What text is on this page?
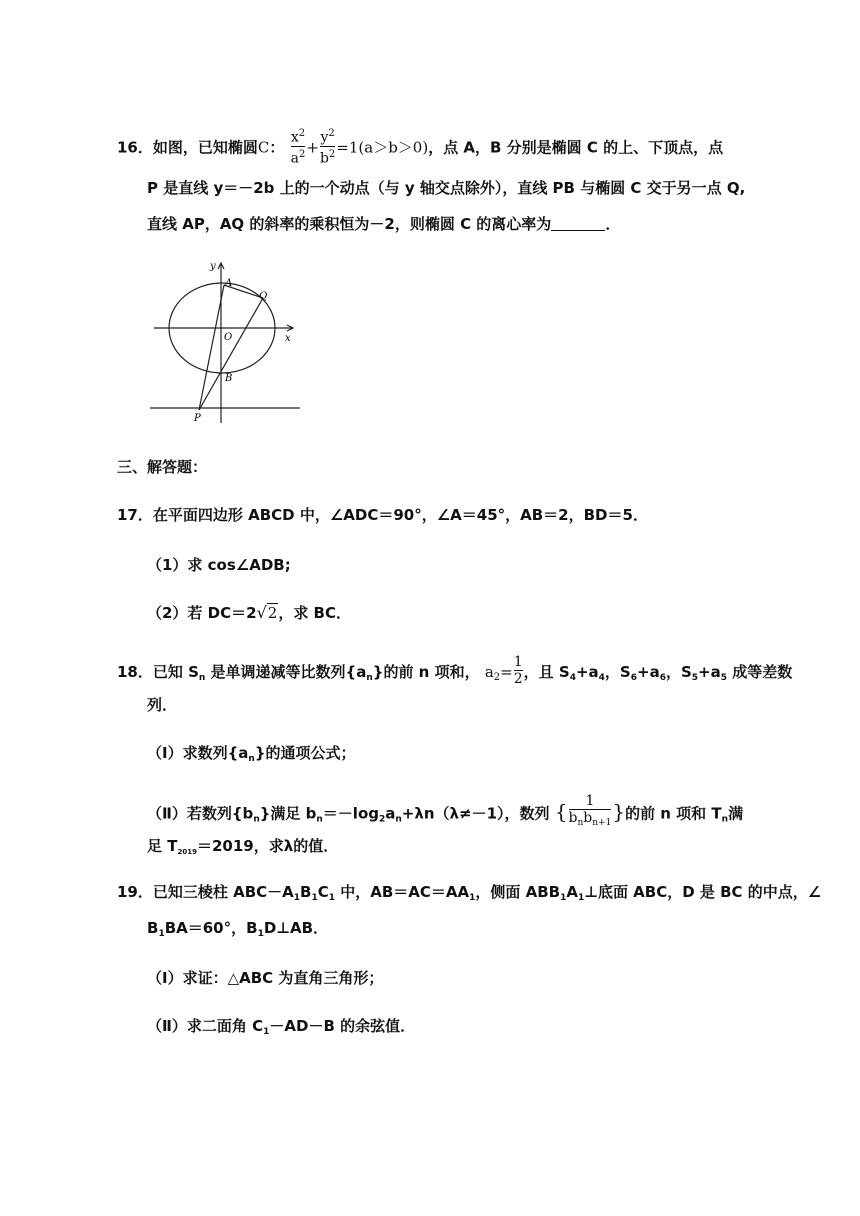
16．如图，已知椭圆C： $\frac{x^2}{a^2} + \frac{y^2}{b^2} =1(a>b>0)$，点 A，B 分别是椭圆 C 的上、下顶点，点
P 是直线 y＝－2b 上的一个动点（与 y 轴交点除外），直线 PB 与椭圆 C 交于另一点 Q,
直线 AP，AQ 的斜率的乘积恒为－2，则椭圆 C 的离心率为	．
y
A
Q
O	x
B
P
三、解答题：
17．在平面四边形 ABCD 中，∠ADC＝90°，∠A＝45°，AB＝2，BD＝5．
（1）求 cos∠ADB;
（2）若 DC＝2√2，求 BC．
18．已知 $S_n$ 是单调递减等比数列$\{a_n\}$的前 n 项和， $a_2= \frac{1}{2}$ ，且 $S_4+a_4$，$S_6+a_6$，$S_5+a_5$ 成等差数
列．
（Ⅰ）求数列$\{a_n\}$的通项公式；
（Ⅱ）若数列$\{b_n\}$满足 $b_n=-\log_2a_n+\lambda n(\lambda\ne-1)$，数列 { $\frac{1}{b_nb_{n+1}}$ }的前 n 项和 $T_n$满
足 $T_{2019}=2019$，求λ的值．
19．已知三棱柱 $ABC-A_1B_1C_1$ 中，$AB=AC=AA_1$，侧面 $ABB_1A_1\perp$底面 ABC，D 是 BC 的中点，∠
$B_1BA=60^\circ$，$B_1D\perp AB$．
（Ⅰ）求证：△ABC 为直角三角形；
（Ⅱ）求二面角 $C_1-AD-B$ 的余弦值．
